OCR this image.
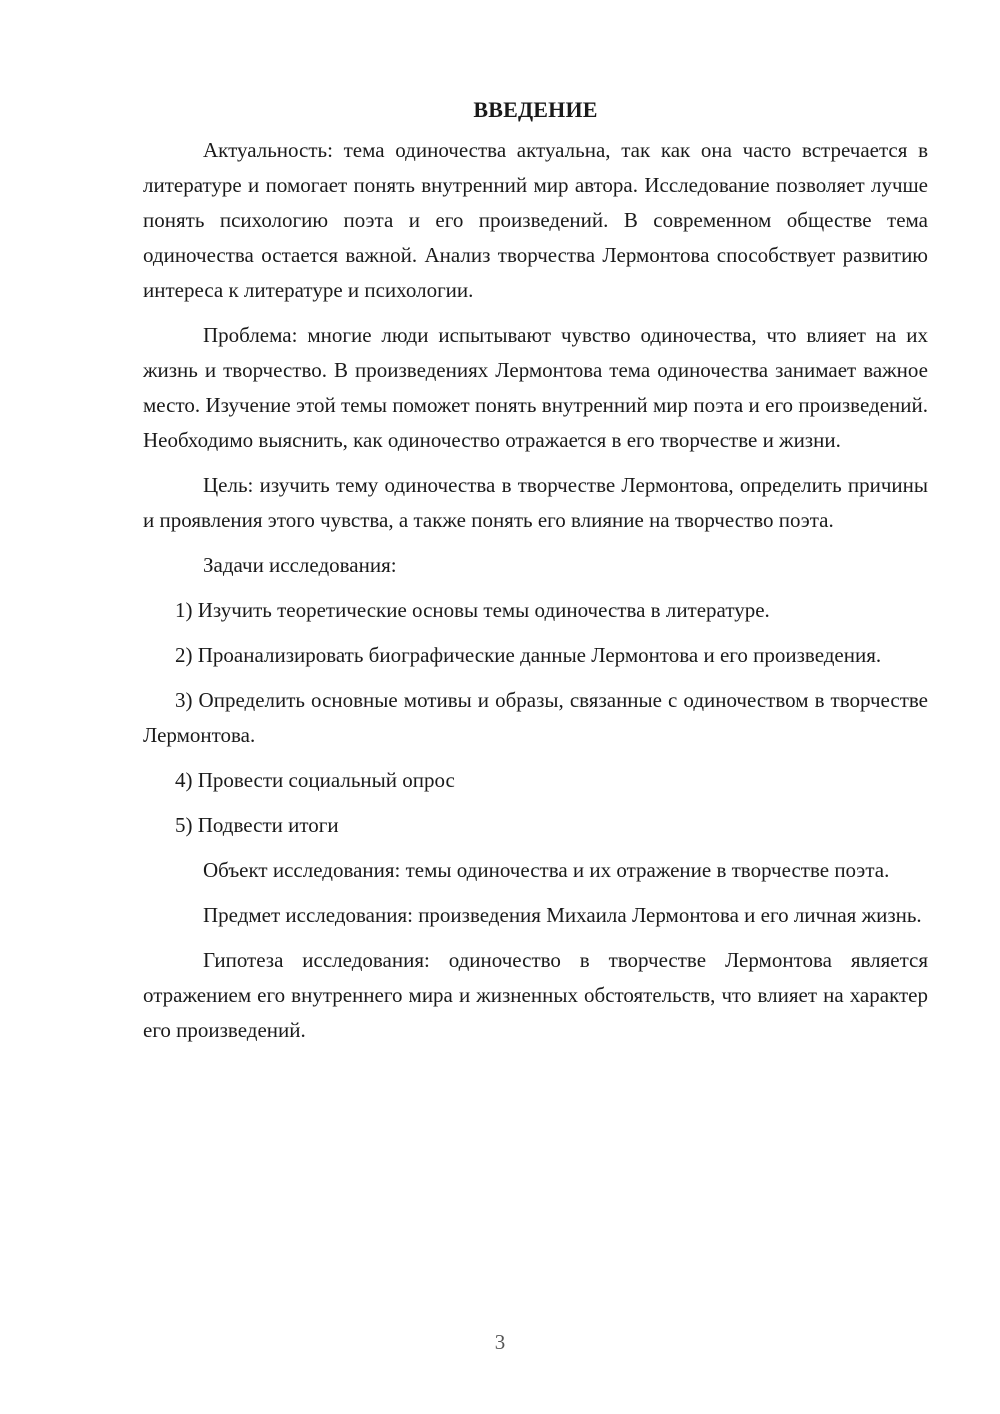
ВВЕДЕНИЕ

Актуальность: тема одиночества актуальна, так как она часто встречается в литературе и помогает понять внутренний мир автора. Исследование позволяет лучше понять психологию поэта и его произведений. В современном обществе тема одиночества остается важной. Анализ творчества Лермонтова способствует развитию интереса к литературе и психологии.

Проблема: многие люди испытывают чувство одиночества, что влияет на их жизнь и творчество. В произведениях Лермонтова тема одиночества занимает важное место. Изучение этой темы поможет понять внутренний мир поэта и его произведений. Необходимо выяснить, как одиночество отражается в его творчестве и жизни.

Цель: изучить тему одиночества в творчестве Лермонтова, определить причины и проявления этого чувства, а также понять его влияние на творчество поэта.

Задачи исследования:

1) Изучить теоретические основы темы одиночества в литературе.

2) Проанализировать биографические данные Лермонтова и его произведения.

3) Определить основные мотивы и образы, связанные с одиночеством в творчестве Лермонтова.

4) Провести социальный опрос

5) Подвести итоги

Объект исследования: темы одиночества и их отражение в творчестве поэта.

Предмет исследования: произведения Михаила Лермонтова и его личная жизнь.

Гипотеза исследования: одиночество в творчестве Лермонтова является отражением его внутреннего мира и жизненных обстоятельств, что влияет на характер его произведений.

3
